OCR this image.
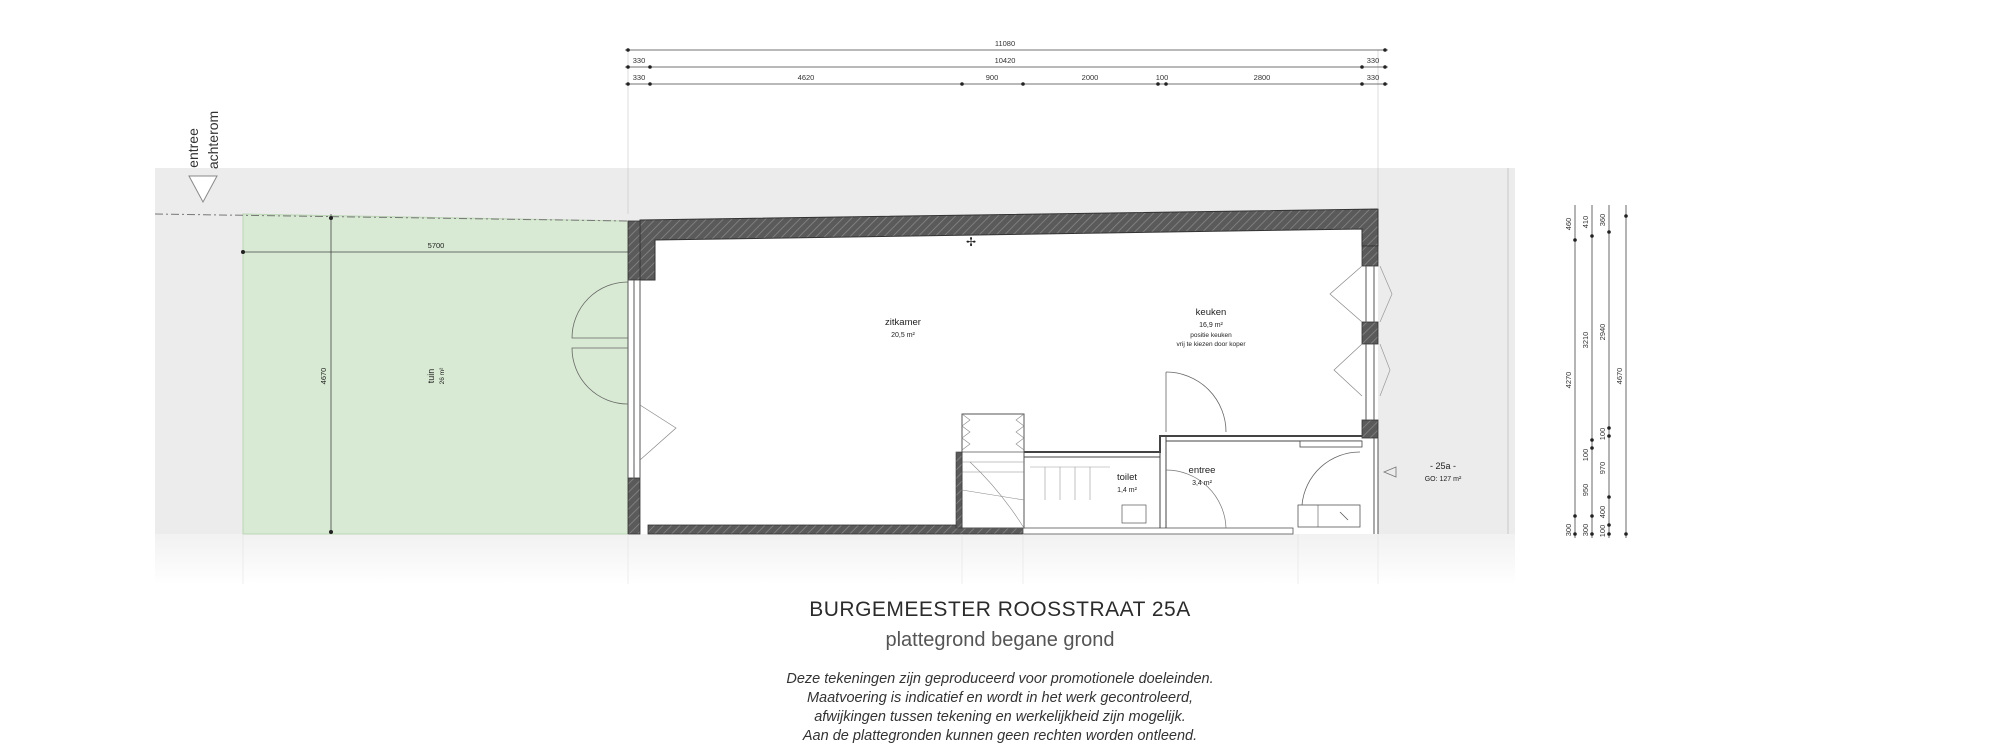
✢
11080
10420
330	330
330	4620	900	2000	100	2800	330
460
4270
300
410
3210
100
950
300
360
2940
100
970
400
100
4670
entree achterom
5700
4670	tuin 26 m²
zitkamer
20,5 m²
keuken
16,9 m²
positie keuken
vrij te kiezen door koper
toilet
1,4 m²
entree
3,4 m²
- 25a -
GO: 127 m²
BURGEMEESTER ROOSSTRAAT 25A
plattegrond begane grond
Deze tekeningen zijn geproduceerd voor promotionele doeleinden.
Maatvoering is indicatief en wordt in het werk gecontroleerd,
afwijkingen tussen tekening en werkelijkheid zijn mogelijk.
Aan de plattegronden kunnen geen rechten worden ontleend.
